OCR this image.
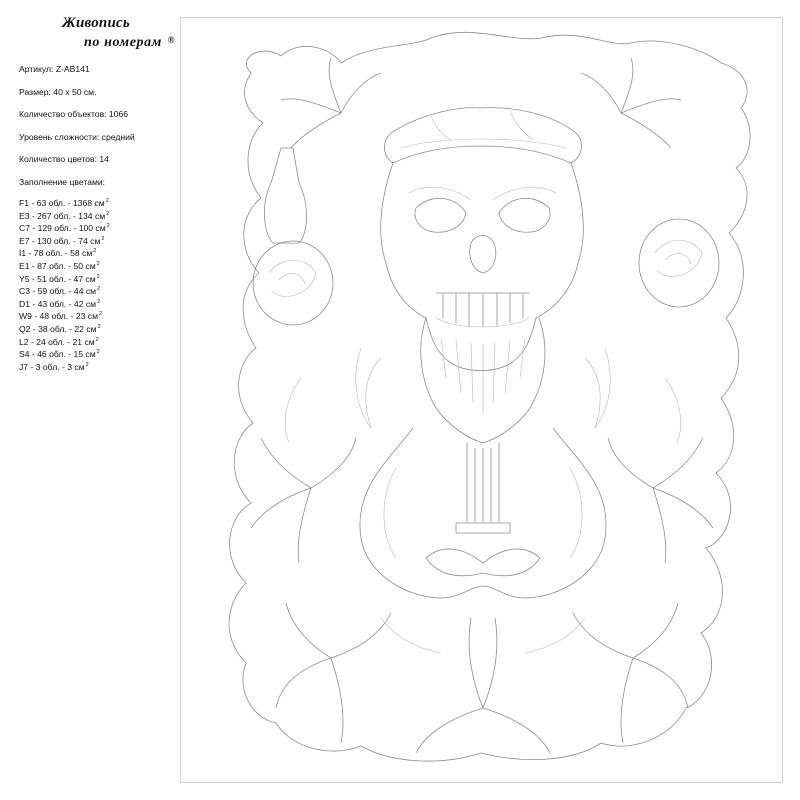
Живопись
по номерам ®
Артикул: Z-AB141
Размер: 40 х 50 см.
Количество объектов: 1066
Уровень сложности: средний
Количество цветов: 14
Заполнение цветами:
F1 - 63 обл. - 1368 $см^2$
E3 - 267 обл. - 134 $см^2$
C7 - 129 обл. - 100 $см^2$
E7 - 130 обл. - 74 $см^2$
I1 - 78 обл. - 58 $см^2$
E1 - 87 обл. - 50 $см^2$
Y5 - 51 обл. - 47 $см^2$
C3 - 59 обл. - 44 $см^2$
D1 - 43 обл. - 42 $см^2$
W9 - 48 обл. - 23 $см^2$
Q2 - 38 обл. - 22 $см^2$
L2 - 24 обл. - 21 $см^2$
S4 - 46 обл. - 15 $см^2$
J7 - 3 обл. - 3 $см^2$
